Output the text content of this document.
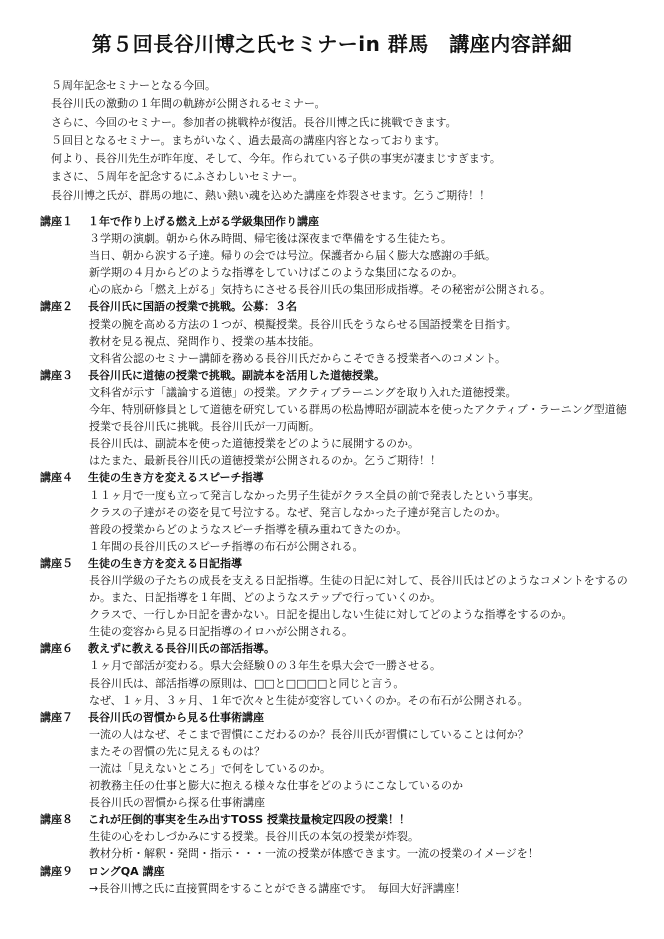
第５回長谷川博之氏セミナーin 群馬　講座内容詳細
５周年記念セミナーとなる今回。
長谷川氏の激動の１年間の軌跡が公開されるセミナー。
さらに、今回のセミナー。参加者の挑戦枠が復活。長谷川博之氏に挑戦できます。
５回目となるセミナー。まちがいなく、過去最高の講座内容となっております。
何より、長谷川先生が昨年度、そして、今年。作られている子供の事実が凄まじすぎます。
まさに、５周年を記念するにふさわしいセミナー。
長谷川博之氏が、群馬の地に、熱い熱い魂を込めた講座を炸裂させます。乞うご期待！！
講座１ １年で作り上げる燃え上がる学級集団作り講座
３学期の演劇。朝から休み時間、帰宅後は深夜まで準備をする生徒たち。
当日、朝から涙する子達。帰りの会では号泣。保護者から届く膨大な感謝の手紙。
新学期の４月からどのような指導をしていけばこのような集団になるのか。
心の底から「燃え上がる」気持ちにさせる長谷川氏の集団形成指導。その秘密が公開される。
講座２ 長谷川氏に国語の授業で挑戦。公募：３名
授業の腕を高める方法の１つが、模擬授業。長谷川氏をうならせる国語授業を目指す。
教材を見る視点、発問作り、授業の基本技能。
文科省公認のセミナー講師を務める長谷川氏だからこそできる授業者へのコメント。
講座３ 長谷川氏に道徳の授業で挑戦。副読本を活用した道徳授業。
文科省が示す「議論する道徳」の授業。アクティブラーニングを取り入れた道徳授業。
今年、特別研修員として道徳を研究している群馬の松島博昭が副読本を使ったアクティブ・ラーニング型道徳授業で長谷川氏に挑戦。長谷川氏が一刀両断。
長谷川氏は、副読本を使った道徳授業をどのように展開するのか。
はたまた、最新長谷川氏の道徳授業が公開されるのか。乞うご期待！！
講座４ 生徒の生き方を変えるスピーチ指導
１１ヶ月で一度も立って発言しなかった男子生徒がクラス全員の前で発表したという事実。
クラスの子達がその姿を見て号泣する。なぜ、発言しなかった子達が発言したのか。
普段の授業からどのようなスピーチ指導を積み重ねてきたのか。
１年間の長谷川氏のスピーチ指導の布石が公開される。
講座５ 生徒の生き方を変える日記指導
長谷川学級の子たちの成長を支える日記指導。生徒の日記に対して、長谷川氏はどのようなコメントをするのか。また、日記指導を１年間、どのようなステップで行っていくのか。
クラスで、一行しか日記を書かない。日記を提出しない生徒に対してどのような指導をするのか。
生徒の変容から見る日記指導のイロハが公開される。
講座６ 教えずに教える長谷川氏の部活指導。
１ヶ月で部活が変わる。県大会経験０の３年生を県大会で一勝させる。
長谷川氏は、部活指導の原則は、□□と□□□□と同じと言う。
なぜ、１ヶ月、３ヶ月、１年で次々と生徒が変容していくのか。その布石が公開される。
講座７ 長谷川氏の習慣から見る仕事術講座
一流の人はなぜ、そこまで習慣にこだわるのか？長谷川氏が習慣にしていることは何か？
またその習慣の先に見えるものは？
一流は「見えないところ」で何をしているのか。
初教務主任の仕事と膨大に抱える様々な仕事をどのようにこなしているのか
長谷川氏の習慣から探る仕事術講座
講座８ これが圧倒的事実を生み出すTOSS 授業技量検定四段の授業！！
生徒の心をわしづかみにする授業。長谷川氏の本気の授業が炸裂。
教材分析・解釈・発問・指示・・・一流の授業が体感できます。一流の授業のイメージを！
講座９ ロングQA 講座
→長谷川博之氏に直接質問をすることができる講座です。　毎回大好評講座！
